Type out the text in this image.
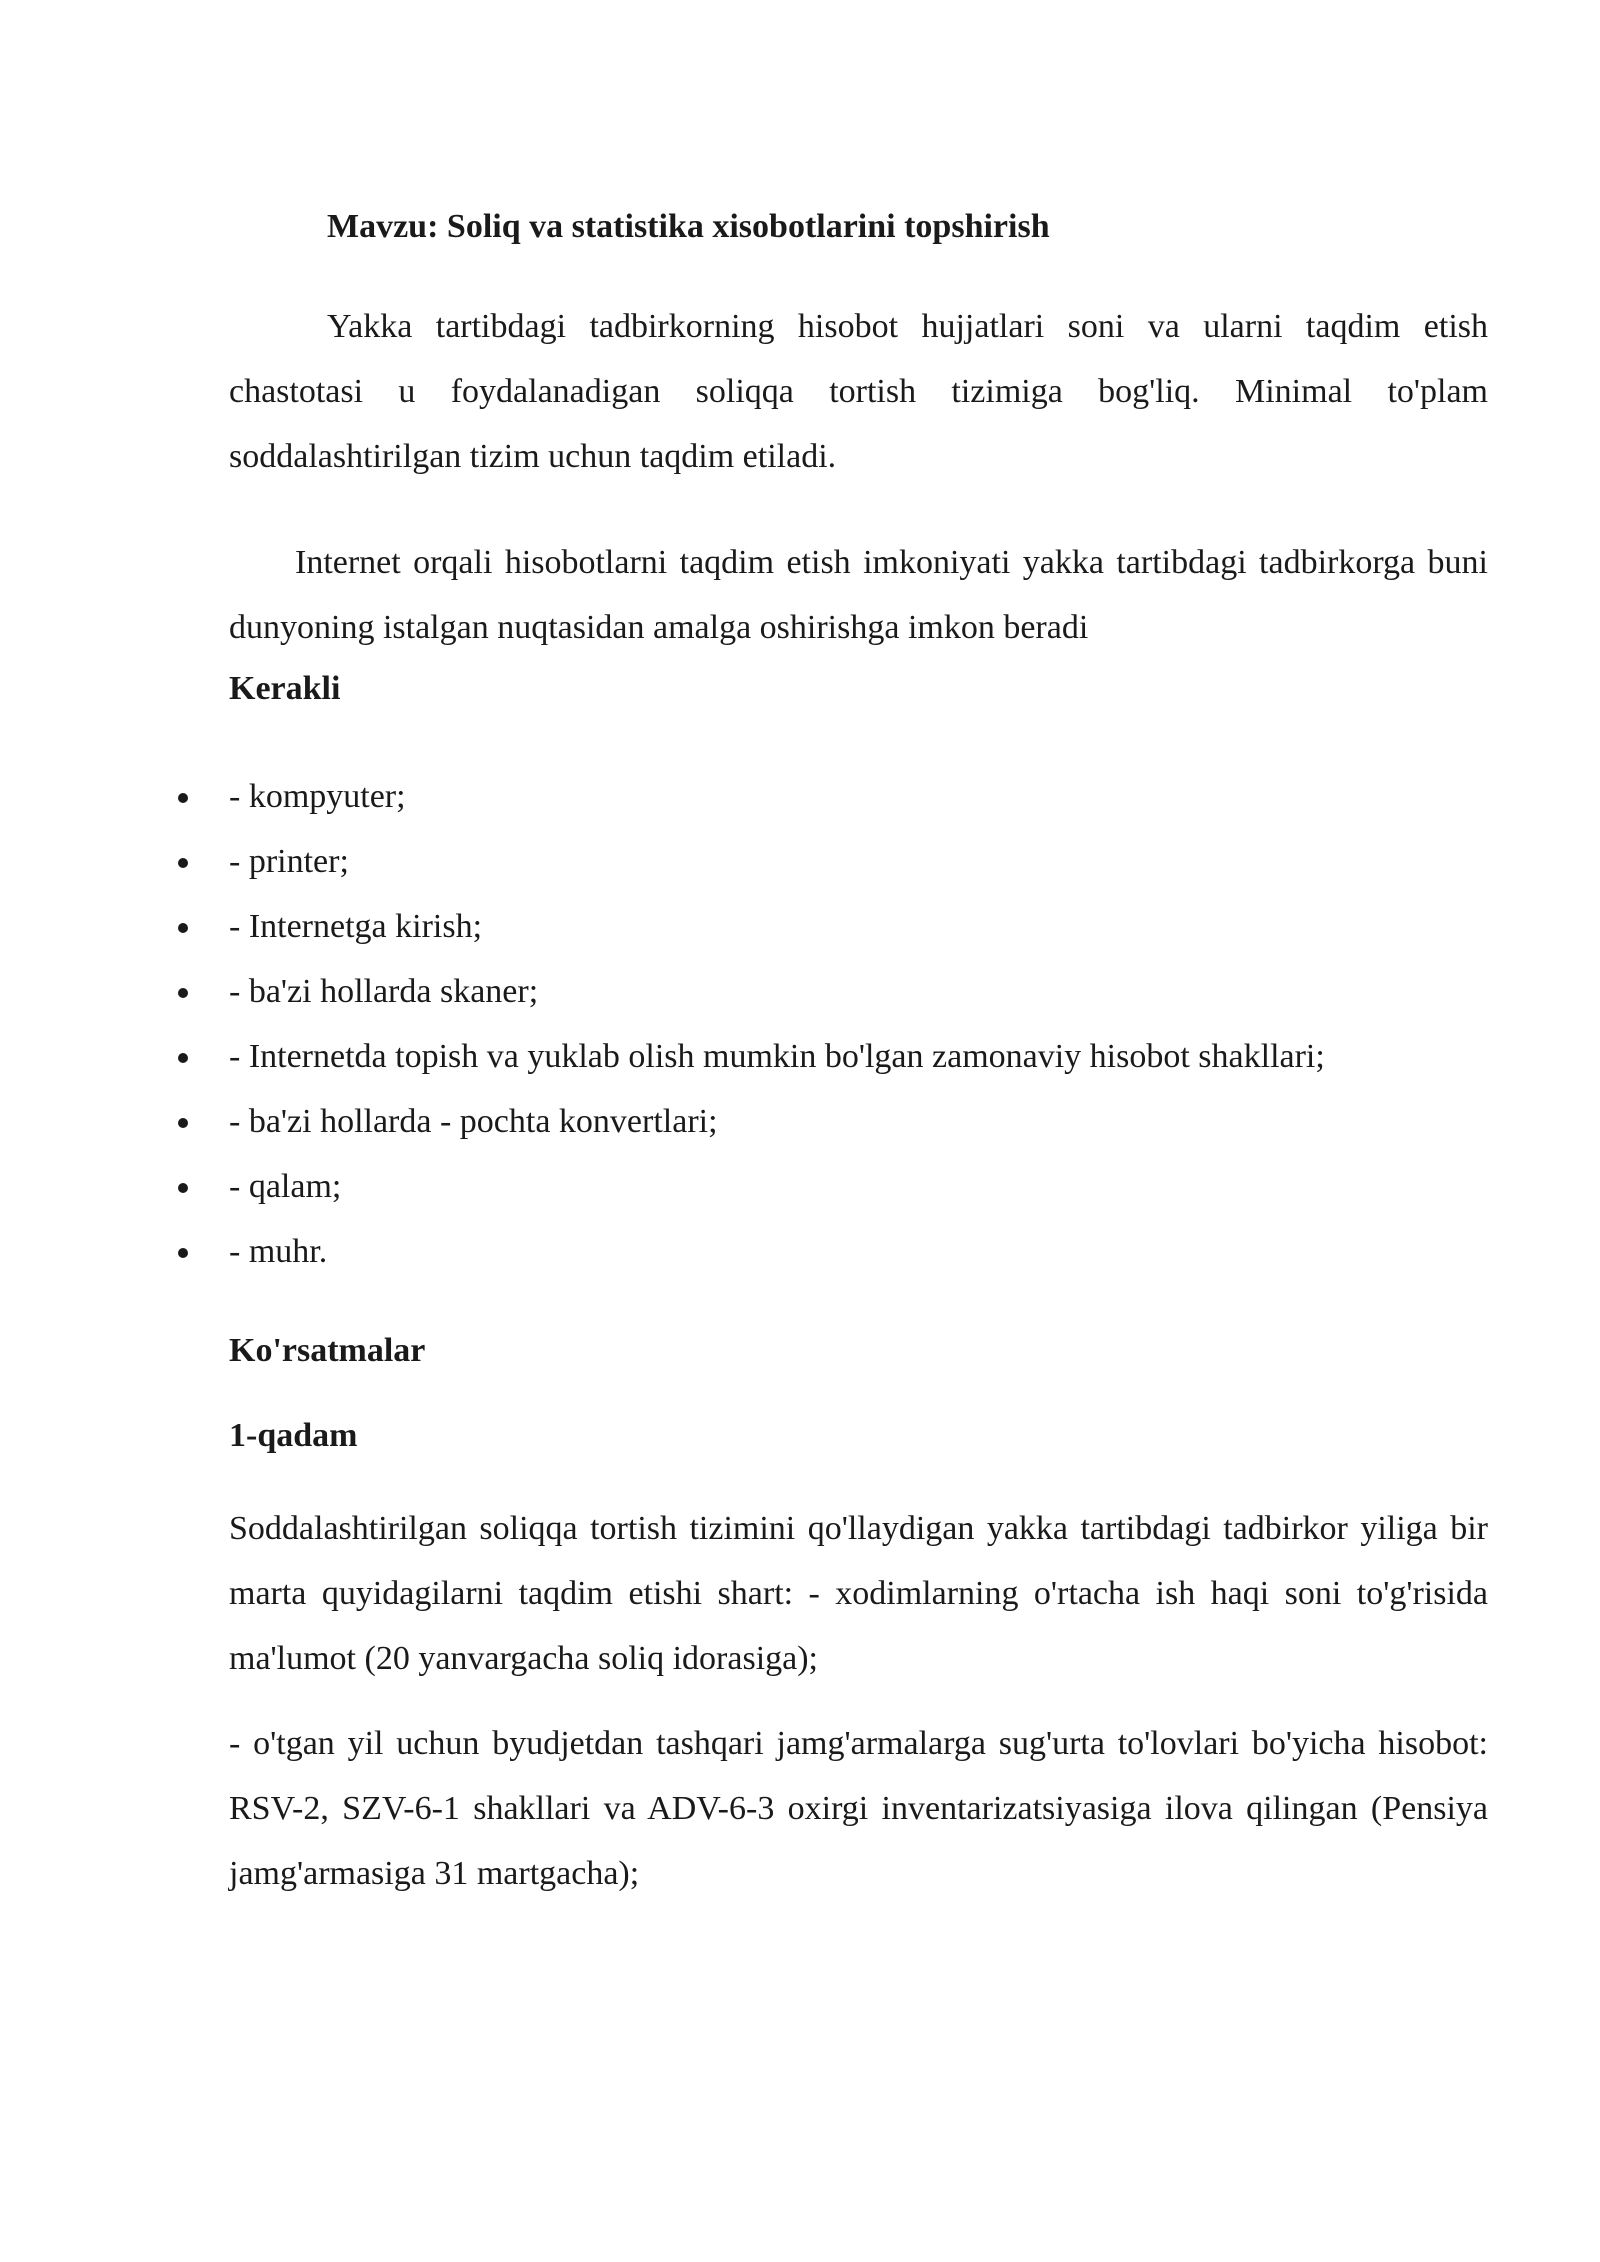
Mavzu: Soliq va statistika xisobotlarini topshirish
Yakka tartibdagi tadbirkorning hisobot hujjatlari soni va ularni taqdim etish chastotasi u foydalanadigan soliqqa tortish tizimiga bog'liq. Minimal to'plam soddalashtirilgan tizim uchun taqdim etiladi.
Internet orqali hisobotlarni taqdim etish imkoniyati yakka tartibdagi tadbirkorga buni dunyoning istalgan nuqtasidan amalga oshirishga imkon beradi
Kerakli
- kompyuter;
- printer;
- Internetga kirish;
- ba'zi hollarda skaner;
- Internetda topish va yuklab olish mumkin bo'lgan zamonaviy hisobot shakllari;
- ba'zi hollarda - pochta konvertlari;
- qalam;
- muhr.
Ko'rsatmalar
1-qadam
Soddalashtirilgan soliqqa tortish tizimini qo'llaydigan yakka tartibdagi tadbirkor yiliga bir marta quyidagilarni taqdim etishi shart: - xodimlarning o'rtacha ish haqi soni to'g'risida ma'lumot (20 yanvargacha soliq idorasiga);
- o'tgan yil uchun byudjetdan tashqari jamg'armalarga sug'urta to'lovlari bo'yicha hisobot: RSV-2, SZV-6-1 shakllari va ADV-6-3 oxirgi inventarizatsiyasiga ilova qilingan (Pensiya jamg'armasiga 31 martgacha);
